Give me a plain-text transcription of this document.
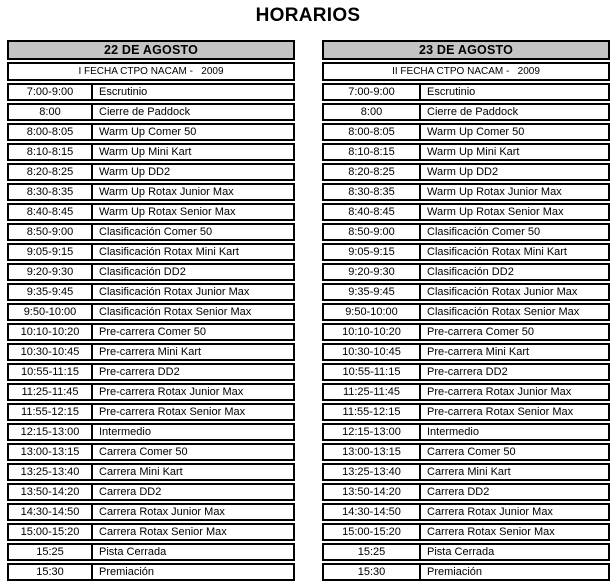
HORARIOS
22 DE AGOSTO
I FECHA CTPO NACAM -   2009
7:00-9:00	Escrutinio
8:00	Cierre de Paddock
8:00-8:05	Warm Up Comer 50
8:10-8:15	Warm Up Mini Kart
8:20-8:25	Warm Up DD2
8:30-8:35	Warm Up Rotax Junior Max
8:40-8:45	Warm Up Rotax Senior Max
8:50-9:00	Clasificación Comer 50
9:05-9:15	Clasificación Rotax Mini Kart
9:20-9:30	Clasificación DD2
9:35-9:45	Clasificación Rotax Junior Max
9:50-10:00	Clasificación Rotax Senior Max
10:10-10:20	Pre-carrera Comer 50
10:30-10:45	Pre-carrera Mini Kart
10:55-11:15	Pre-carrera DD2
11:25-11:45	Pre-carrera Rotax Junior Max
11:55-12:15	Pre-carrera Rotax Senior Max
12:15-13:00	Intermedio
13:00-13:15	Carrera Comer 50
13:25-13:40	Carrera Mini Kart
13:50-14:20	Carrera DD2
14:30-14:50	Carrera Rotax Junior Max
15:00-15:20	Carrera Rotax Senior Max
15:25	Pista Cerrada
15:30	Premiación
23 DE AGOSTO
II FECHA CTPO NACAM -   2009
7:00-9:00	Escrutinio
8:00	Cierre de Paddock
8:00-8:05	Warm Up Comer 50
8:10-8:15	Warm Up Mini Kart
8:20-8:25	Warm Up DD2
8:30-8:35	Warm Up Rotax Junior Max
8:40-8:45	Warm Up Rotax Senior Max
8:50-9:00	Clasificación Comer 50
9:05-9:15	Clasificación Rotax Mini Kart
9:20-9:30	Clasificación DD2
9:35-9:45	Clasificación Rotax Junior Max
9:50-10:00	Clasificación Rotax Senior Max
10:10-10:20	Pre-carrera Comer 50
10:30-10:45	Pre-carrera Mini Kart
10:55-11:15	Pre-carrera DD2
11:25-11:45	Pre-carrera Rotax Junior Max
11:55-12:15	Pre-carrera Rotax Senior Max
12:15-13:00	Intermedio
13:00-13:15	Carrera Comer 50
13:25-13:40	Carrera Mini Kart
13:50-14:20	Carrera DD2
14:30-14:50	Carrera Rotax Junior Max
15:00-15:20	Carrera Rotax Senior Max
15:25	Pista Cerrada
15:30	Premiación
